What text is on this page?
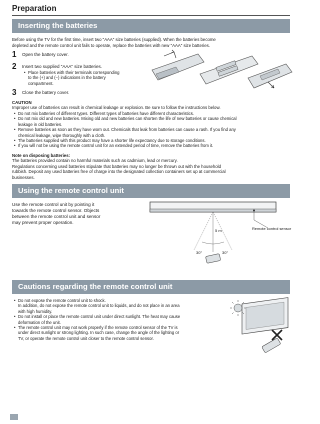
Preparation
Inserting the batteries
Before using the TV for the first time, insert two "AAA" size batteries (supplied). When the batteries become
depleted and the remote control unit fails to operate, replace the batteries with new "AAA" size batteries.
1 Open the battery cover.
2 Insert two supplied "AAA" size batteries.
• Place batteries with their terminals corresponding
to the (+) and (−) indications in the battery
compartment.
3 Close the battery cover.
CAUTION
Improper use of batteries can result in chemical leakage or explosion. Be sure to follow the instructions below.
• Do not mix batteries of different types. Different types of batteries have different characteristics.
• Do not mix old and new batteries. Mixing old and new batteries can shorten the life of new batteries or cause chemical
leakage in old batteries.
• Remove batteries as soon as they have worn out. Chemicals that leak from batteries can cause a rash. If you find any
chemical leakage, wipe thoroughly with a cloth.
• The batteries supplied with this product may have a shorter life expectancy due to storage conditions.
• If you will not be using the remote control unit for an extended period of time, remove the batteries from it.
Note on disposing batteries:
The batteries provided contain no harmful materials such as cadmium, lead or mercury.
Regulations concerning used batteries stipulate that batteries may no longer be thrown out with the household
rubbish. Deposit any used batteries free of charge into the designated collection containers set up at commercial
businesses.
Using the remote control unit
Use the remote control unit by pointing it
towards the remote control sensor. Objects
between the remote control unit and sensor
may prevent proper operation.
5 m
30°	30°
Remote control sensor
Cautions regarding the remote control unit
• Do not expose the remote control unit to shock.
In addition, do not expose the remote control unit to liquids, and do not place in an area
with high humidity.
• Do not install or place the remote control unit under direct sunlight. The heat may cause
deformation of the unit.
• The remote control unit may not work properly if the remote control sensor of the TV is
under direct sunlight or strong lighting. In such case, change the angle of the lighting or
TV, or operate the remote control unit closer to the remote control sensor.
